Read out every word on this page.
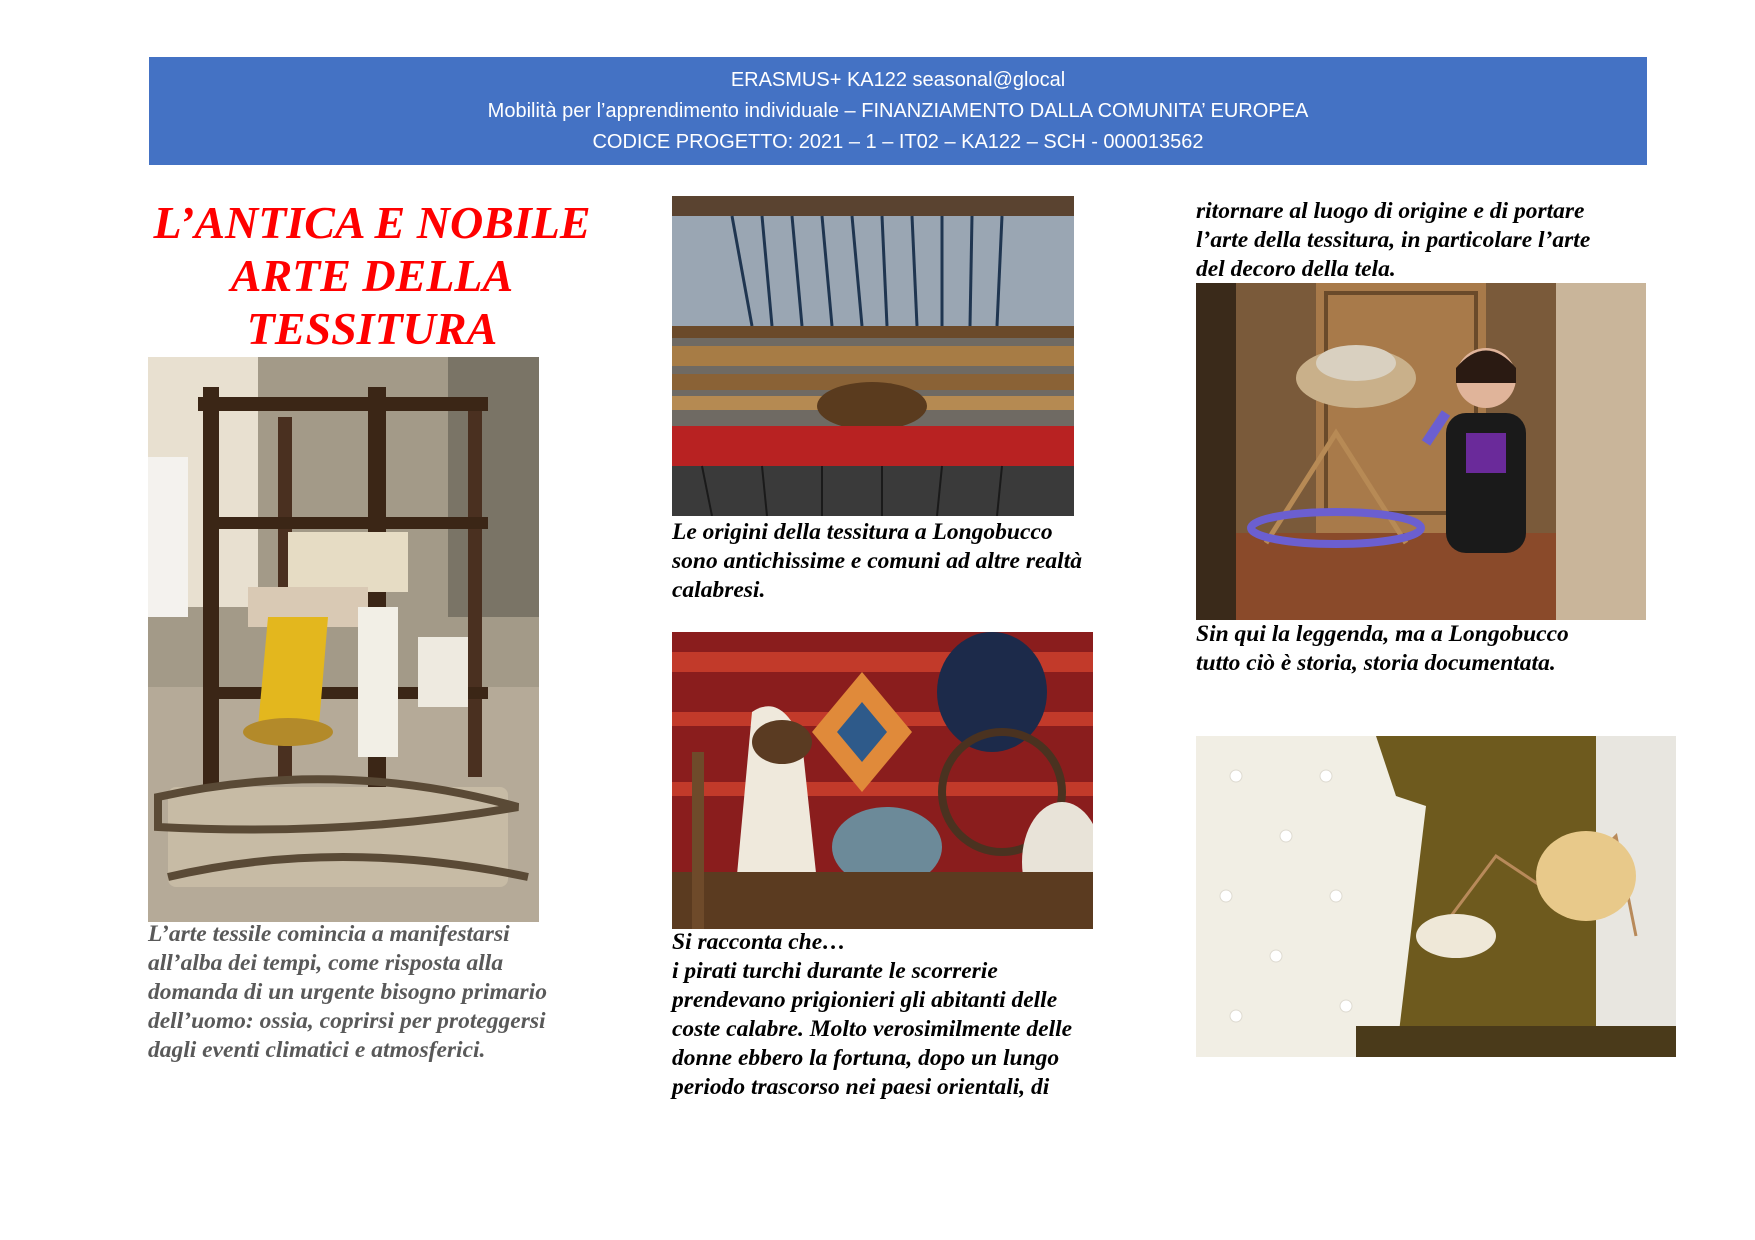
ERASMUS+ KA122 seasonal@glocal
Mobilità per l’apprendimento individuale – FINANZIAMENTO DALLA COMUNITA’ EUROPEA
CODICE PROGETTO: 2021 – 1 – IT02 – KA122 – SCH - 000013562
L’ANTICA E NOBILE
ARTE DELLA
TESSITURA
L’arte tessile comincia a manifestarsi
all’alba dei tempi, come risposta alla
domanda di un urgente bisogno primario
dell’uomo: ossia, coprirsi per proteggersi
dagli eventi climatici e atmosferici.
Le origini della tessitura a Longobucco
sono antichissime e comuni ad altre realtà
calabresi.
Si racconta che…
i pirati turchi durante le scorrerie
prendevano prigionieri gli abitanti delle
coste calabre. Molto verosimilmente delle
donne ebbero la fortuna, dopo un lungo
periodo trascorso nei paesi orientali, di
ritornare al luogo di origine e di portare
l’arte della tessitura, in particolare l’arte
del decoro della tela.
Sin qui la leggenda, ma a Longobucco
tutto ciò è storia, storia documentata.
